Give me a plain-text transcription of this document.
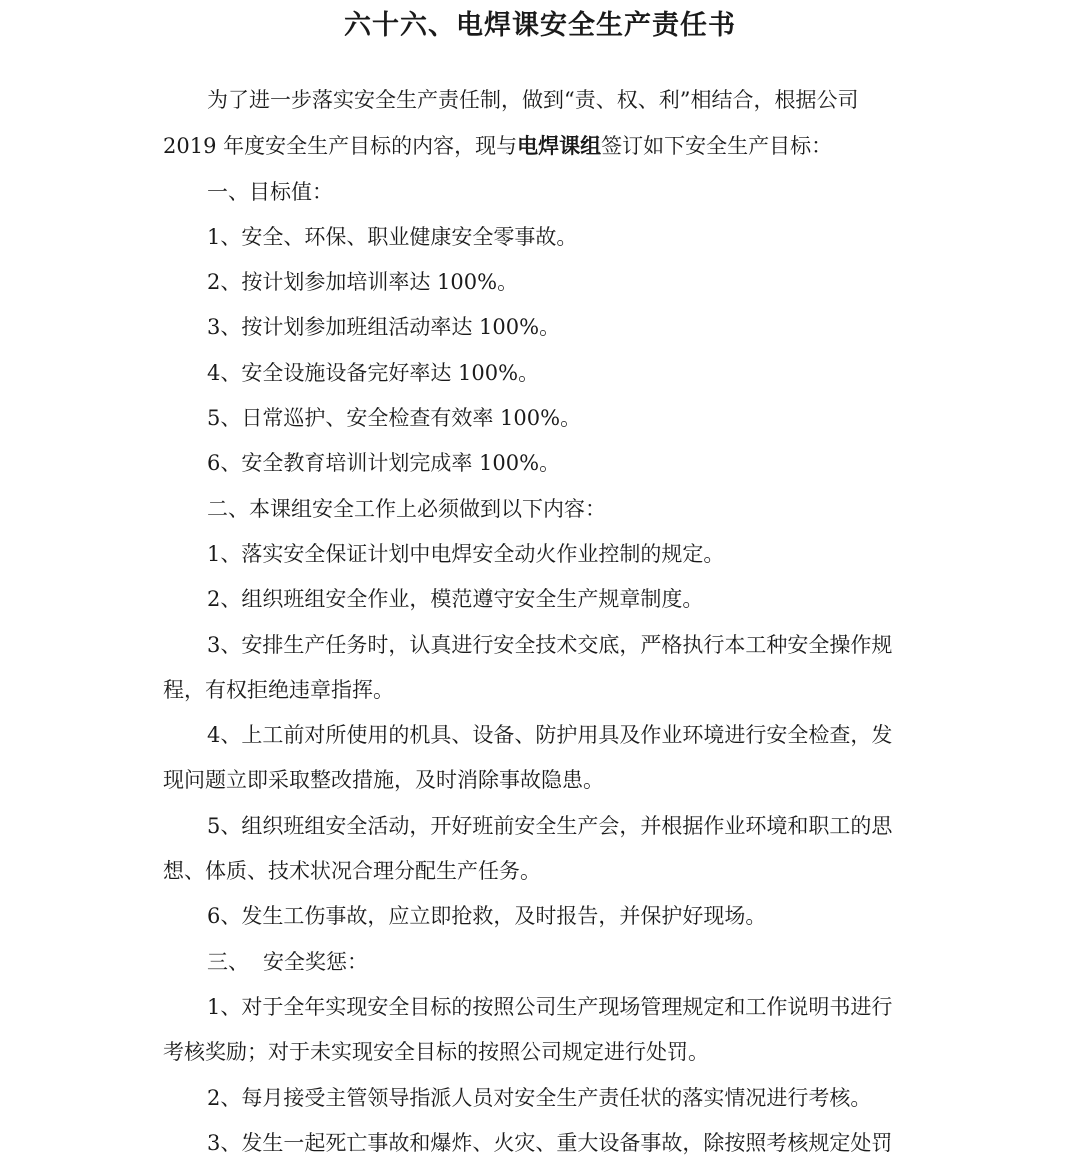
六十六、电焊课安全生产责任书

为了进一步落实安全生产责任制，做到“责、权、利”相结合，根据公司
2019 年度安全生产目标的内容，现与电焊课组签订如下安全生产目标：

一、目标值：

1、安全、环保、职业健康安全零事故。

2、按计划参加培训率达 100%。

3、按计划参加班组活动率达 100%。

4、安全设施设备完好率达 100%。

5、日常巡护、安全检查有效率 100%。

6、安全教育培训计划完成率 100%。

二、本课组安全工作上必须做到以下内容：

1、落实安全保证计划中电焊安全动火作业控制的规定。

2、组织班组安全作业，模范遵守安全生产规章制度。

3、安排生产任务时，认真进行安全技术交底，严格执行本工种安全操作规
程，有权拒绝违章指挥。

4、上工前对所使用的机具、设备、防护用具及作业环境进行安全检查，发
现问题立即采取整改措施，及时消除事故隐患。

5、组织班组安全活动，开好班前安全生产会，并根据作业环境和职工的思
想、体质、技术状况合理分配生产任务。

6、发生工伤事故，应立即抢救，及时报告，并保护好现场。

三、 安全奖惩：

1、对于全年实现安全目标的按照公司生产现场管理规定和工作说明书进行
考核奖励；对于未实现安全目标的按照公司规定进行处罚。

2、每月接受主管领导指派人员对安全生产责任状的落实情况进行考核。

3、发生一起死亡事故和爆炸、火灾、重大设备事故，除按照考核规定处罚
